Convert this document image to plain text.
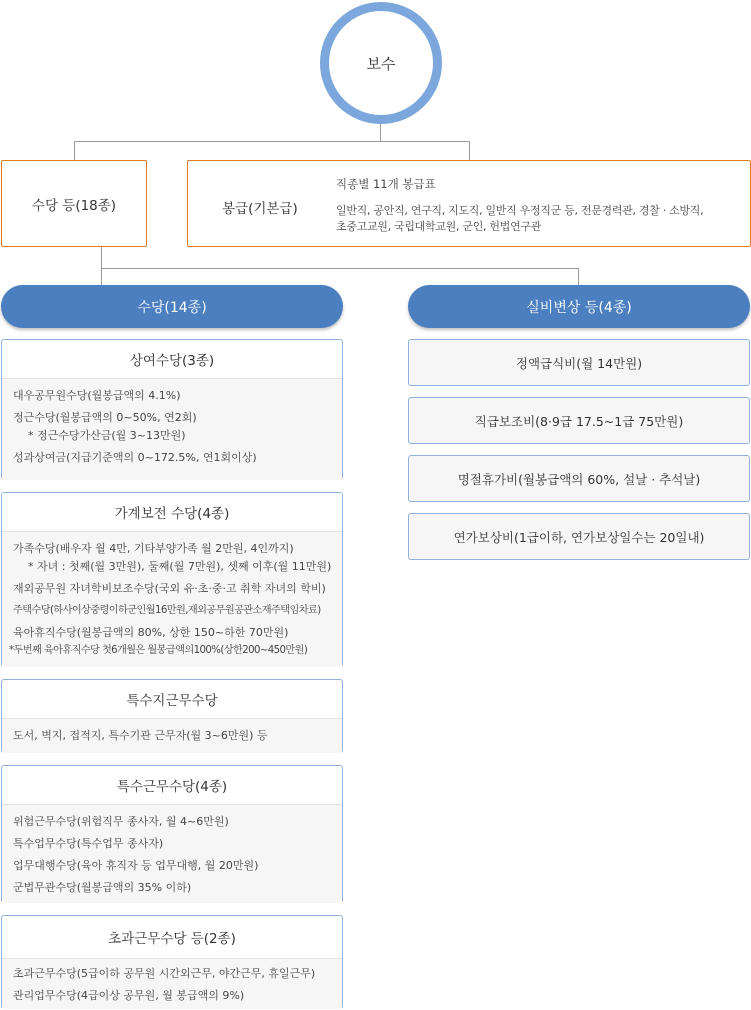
보수
수당 등(18종)	봉급(기본급)
직종별 11개 봉급표
일반직, 공안직, 연구직, 지도직, 일반직 우정직군 등, 전문경력관, 경찰 · 소방직,
초중고교원, 국립대학교원, 군인, 헌법연구관
수당(14종)	실비변상 등(4종)
상여수당(3종)
대우공무원수당(월봉급액의 4.1%)
정근수당(월봉급액의 0~50%, 연2회)
* 정근수당가산금(월 3~13만원)
성과상여금(지급기준액의 0~172.5%, 연1회이상)
가계보전 수당(4종)
가족수당(배우자 월 4만, 기타부양가족 월 2만원, 4인까지)
* 자녀 : 첫째(월 3만원), 둘째(월 7만원), 셋째 이후(월 11만원)
재외공무원 자녀학비보조수당(국외 유·초·중·고 취학 자녀의 학비)
주택수당(하사이상중령이하군인월16만원,재외공무원공관소재주택임차료)
육아휴직수당(월봉급액의 80%, 상한 150~하한 70만원)
*두번째 육아휴직수당 첫6개월은 월봉급액의100%(상한200~450만원)
특수지근무수당
도서, 벽지, 접적지, 특수기관 근무자(월 3~6만원) 등
특수근무수당(4종)
위험근무수당(위험직무 종사자, 월 4~6만원)
특수업무수당(특수업무 종사자)
업무대행수당(육아 휴직자 등 업무대행, 월 20만원)
군법무관수당(월봉급액의 35% 이하)
초과근무수당 등(2종)
초과근무수당(5급이하 공무원 시간외근무, 야간근무, 휴일근무)
관리업무수당(4급이상 공무원, 월 봉급액의 9%)
정액급식비(월 14만원)
직급보조비(8·9급 17.5~1급 75만원)
명절휴가비(월봉급액의 60%, 설날 · 추석날)
연가보상비(1급이하, 연가보상일수는 20일내)
